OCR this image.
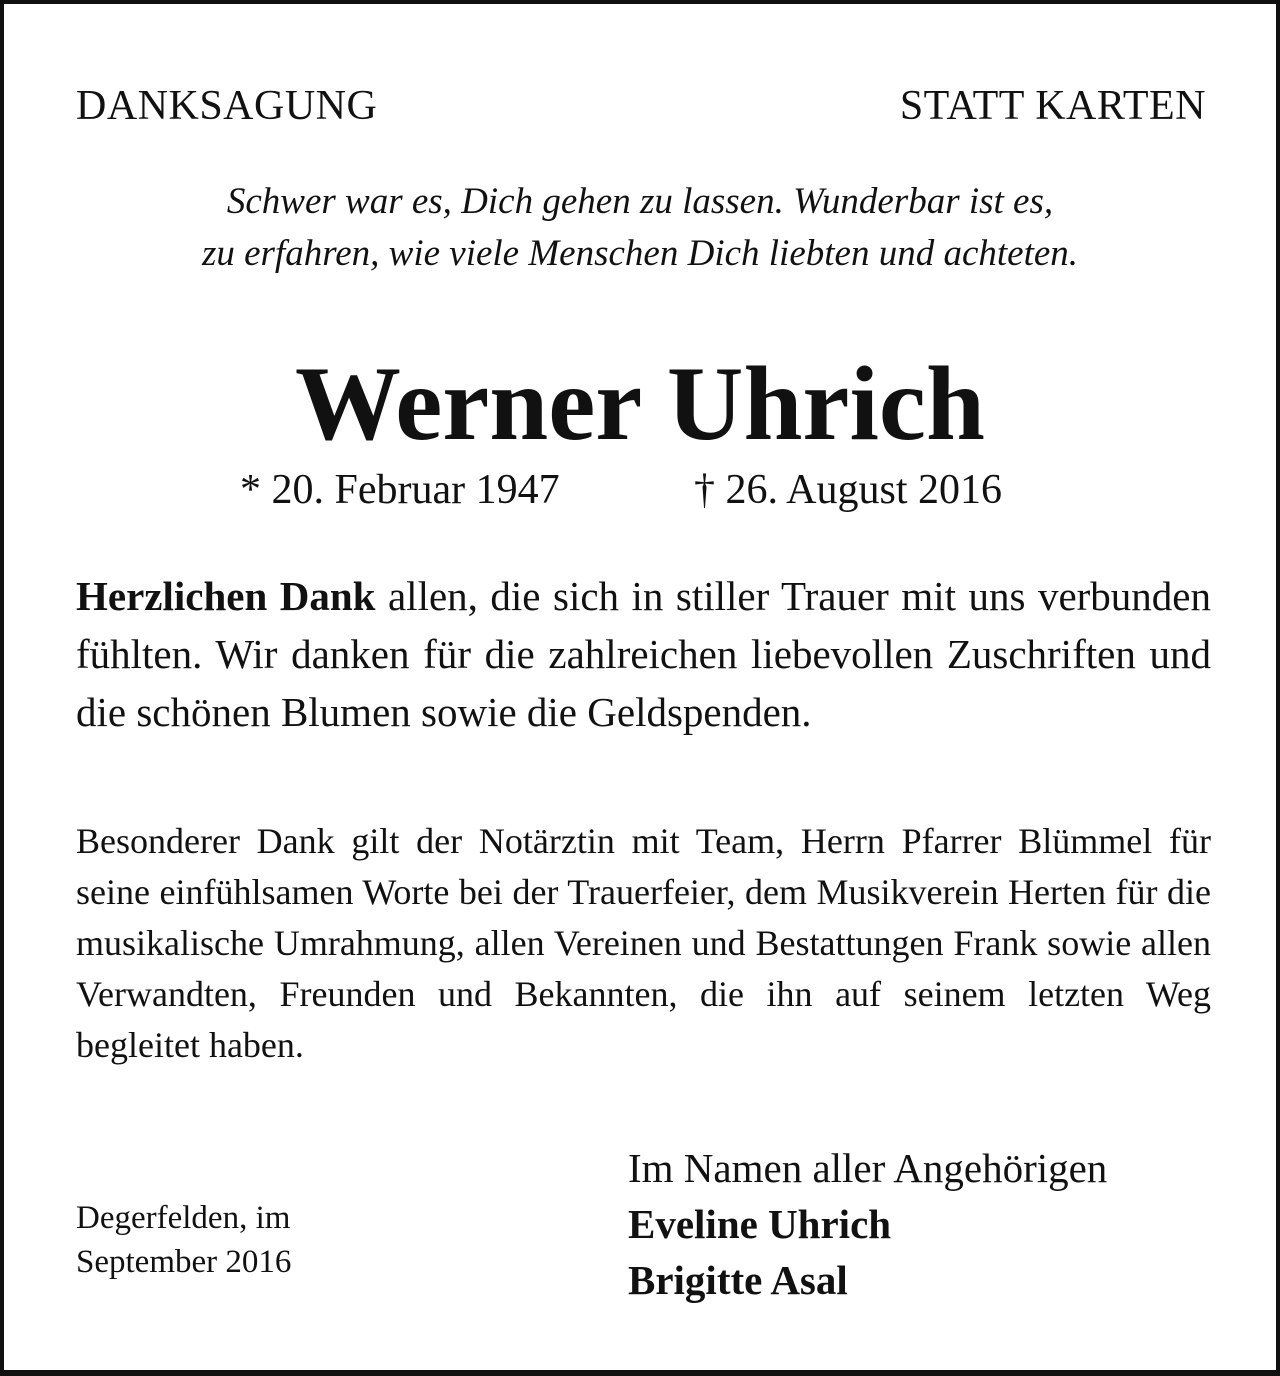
DANKSAGUNG	STATT KARTEN
Schwer war es, Dich gehen zu lassen. Wunderbar ist es,
zu erfahren, wie viele Menschen Dich liebten und achteten.
Werner Uhrich
* 20. Februar 1947	† 26. August 2016
Herzlichen Dank allen, die sich in stiller Trauer mit uns verbunden fühlten. Wir danken für die zahlreichen liebevollen Zuschriften und die schönen Blumen sowie die Geldspenden.
Besonderer Dank gilt der Notärztin mit Team, Herrn Pfarrer Blümmel für seine einfühlsamen Worte bei der Trauerfeier, dem Musikverein Herten für die musikalische Umrahmung, allen Vereinen und Bestattungen Frank sowie allen Verwandten, Freunden und Bekannten, die ihn auf seinem letzten Weg begleitet haben.
Degerfelden, im
September 2016
Im Namen aller Angehörigen
Eveline Uhrich
Brigitte Asal
